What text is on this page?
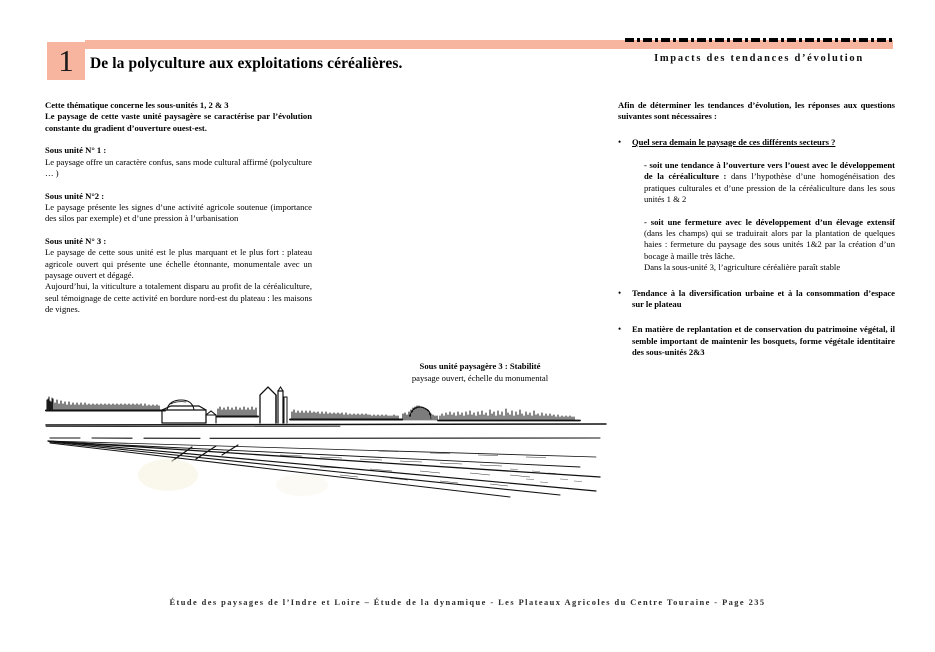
1	De la polyculture aux exploitations céréalières.	Impacts des tendances d’évolution
Cette thématique concerne les sous-unités 1, 2 & 3
Le paysage de cette vaste unité paysagère se caractérise par l’évolution constante du gradient d’ouverture ouest-est.
Sous unité N° 1 :
Le paysage offre un caractère confus, sans mode cultural affirmé (polyculture … )
Sous unité N°2 :
Le paysage présente les signes d’une activité agricole soutenue (importance des silos par exemple) et d’une pression à l’urbanisation
Sous unité N° 3 :
Le paysage de cette sous unité est le plus marquant et le plus fort : plateau agricole ouvert qui présente une échelle étonnante, monumentale avec un paysage ouvert et dégagé.
Aujourd’hui, la viticulture a totalement disparu au profit de la céréaliculture, seul témoignage de cette activité en bordure nord-est du plateau : les maisons de vignes.
Afin de déterminer les tendances d’évolution, les réponses aux questions suivantes sont nécessaires :
•	Quel sera demain le paysage de ces différents secteurs ?
- soit une tendance à l’ouverture vers l’ouest avec le développement de la céréaliculture : dans l’hypothèse d’une homogénéisation des pratiques culturales et d’une pression de la céréaliculture dans les sous unités 1 & 2
- soit une fermeture avec le développement d’un élevage extensif (dans les champs) qui se traduirait alors par la plantation de quelques haies : fermeture du paysage des sous unités 1&2 par la création d’un bocage à maille très lâche.
Dans la sous-unité 3, l’agriculture céréalière paraît stable
•	Tendance à la diversification urbaine et à la consommation d’espace sur le plateau
•	En matière de replantation et de conservation du patrimoine végétal, il semble important de maintenir les bosquets, forme végétale identitaire des sous-unités 2&3
Sous unité paysagère 3 : Stabilité
paysage ouvert, échelle du monumental
Étude des paysages de l’Indre et Loire – Étude de la dynamique - Les Plateaux Agricoles du Centre Touraine - Page 235
